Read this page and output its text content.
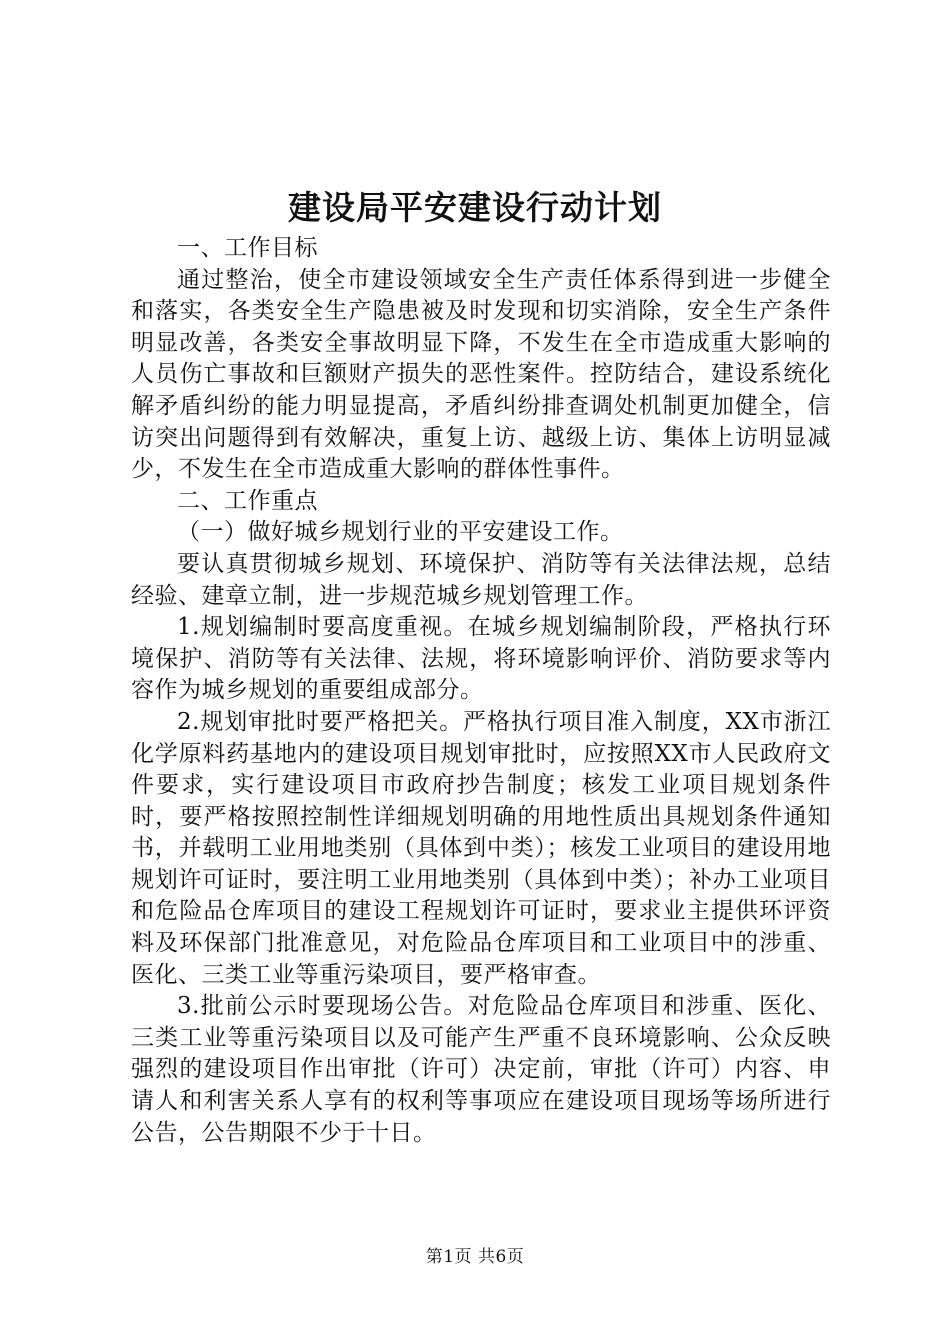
建设局平安建设行动计划

一、工作目标

通过整治，使全市建设领域安全生产责任体系得到进一步健全和落实，各类安全生产隐患被及时发现和切实消除，安全生产条件明显改善，各类安全事故明显下降，不发生在全市造成重大影响的人员伤亡事故和巨额财产损失的恶性案件。控防结合，建设系统化解矛盾纠纷的能力明显提高，矛盾纠纷排查调处机制更加健全，信访突出问题得到有效解决，重复上访、越级上访、集体上访明显减少，不发生在全市造成重大影响的群体性事件。

二、工作重点

（一）做好城乡规划行业的平安建设工作。

要认真贯彻城乡规划、环境保护、消防等有关法律法规，总结经验、建章立制，进一步规范城乡规划管理工作。

1.规划编制时要高度重视。在城乡规划编制阶段，严格执行环境保护、消防等有关法律、法规，将环境影响评价、消防要求等内容作为城乡规划的重要组成部分。

2.规划审批时要严格把关。严格执行项目准入制度，XX市浙江化学原料药基地内的建设项目规划审批时，应按照XX市人民政府文件要求，实行建设项目市政府抄告制度；核发工业项目规划条件时，要严格按照控制性详细规划明确的用地性质出具规划条件通知书，并载明工业用地类别（具体到中类）；核发工业项目的建设用地规划许可证时，要注明工业用地类别（具体到中类）；补办工业项目和危险品仓库项目的建设工程规划许可证时，要求业主提供环评资料及环保部门批准意见，对危险品仓库项目和工业项目中的涉重、医化、三类工业等重污染项目，要严格审查。

3.批前公示时要现场公告。对危险品仓库项目和涉重、医化、三类工业等重污染项目以及可能产生严重不良环境影响、公众反映强烈的建设项目作出审批（许可）决定前，审批（许可）内容、申请人和利害关系人享有的权利等事项应在建设项目现场等场所进行公告，公告期限不少于十日。

第1页 共6页
